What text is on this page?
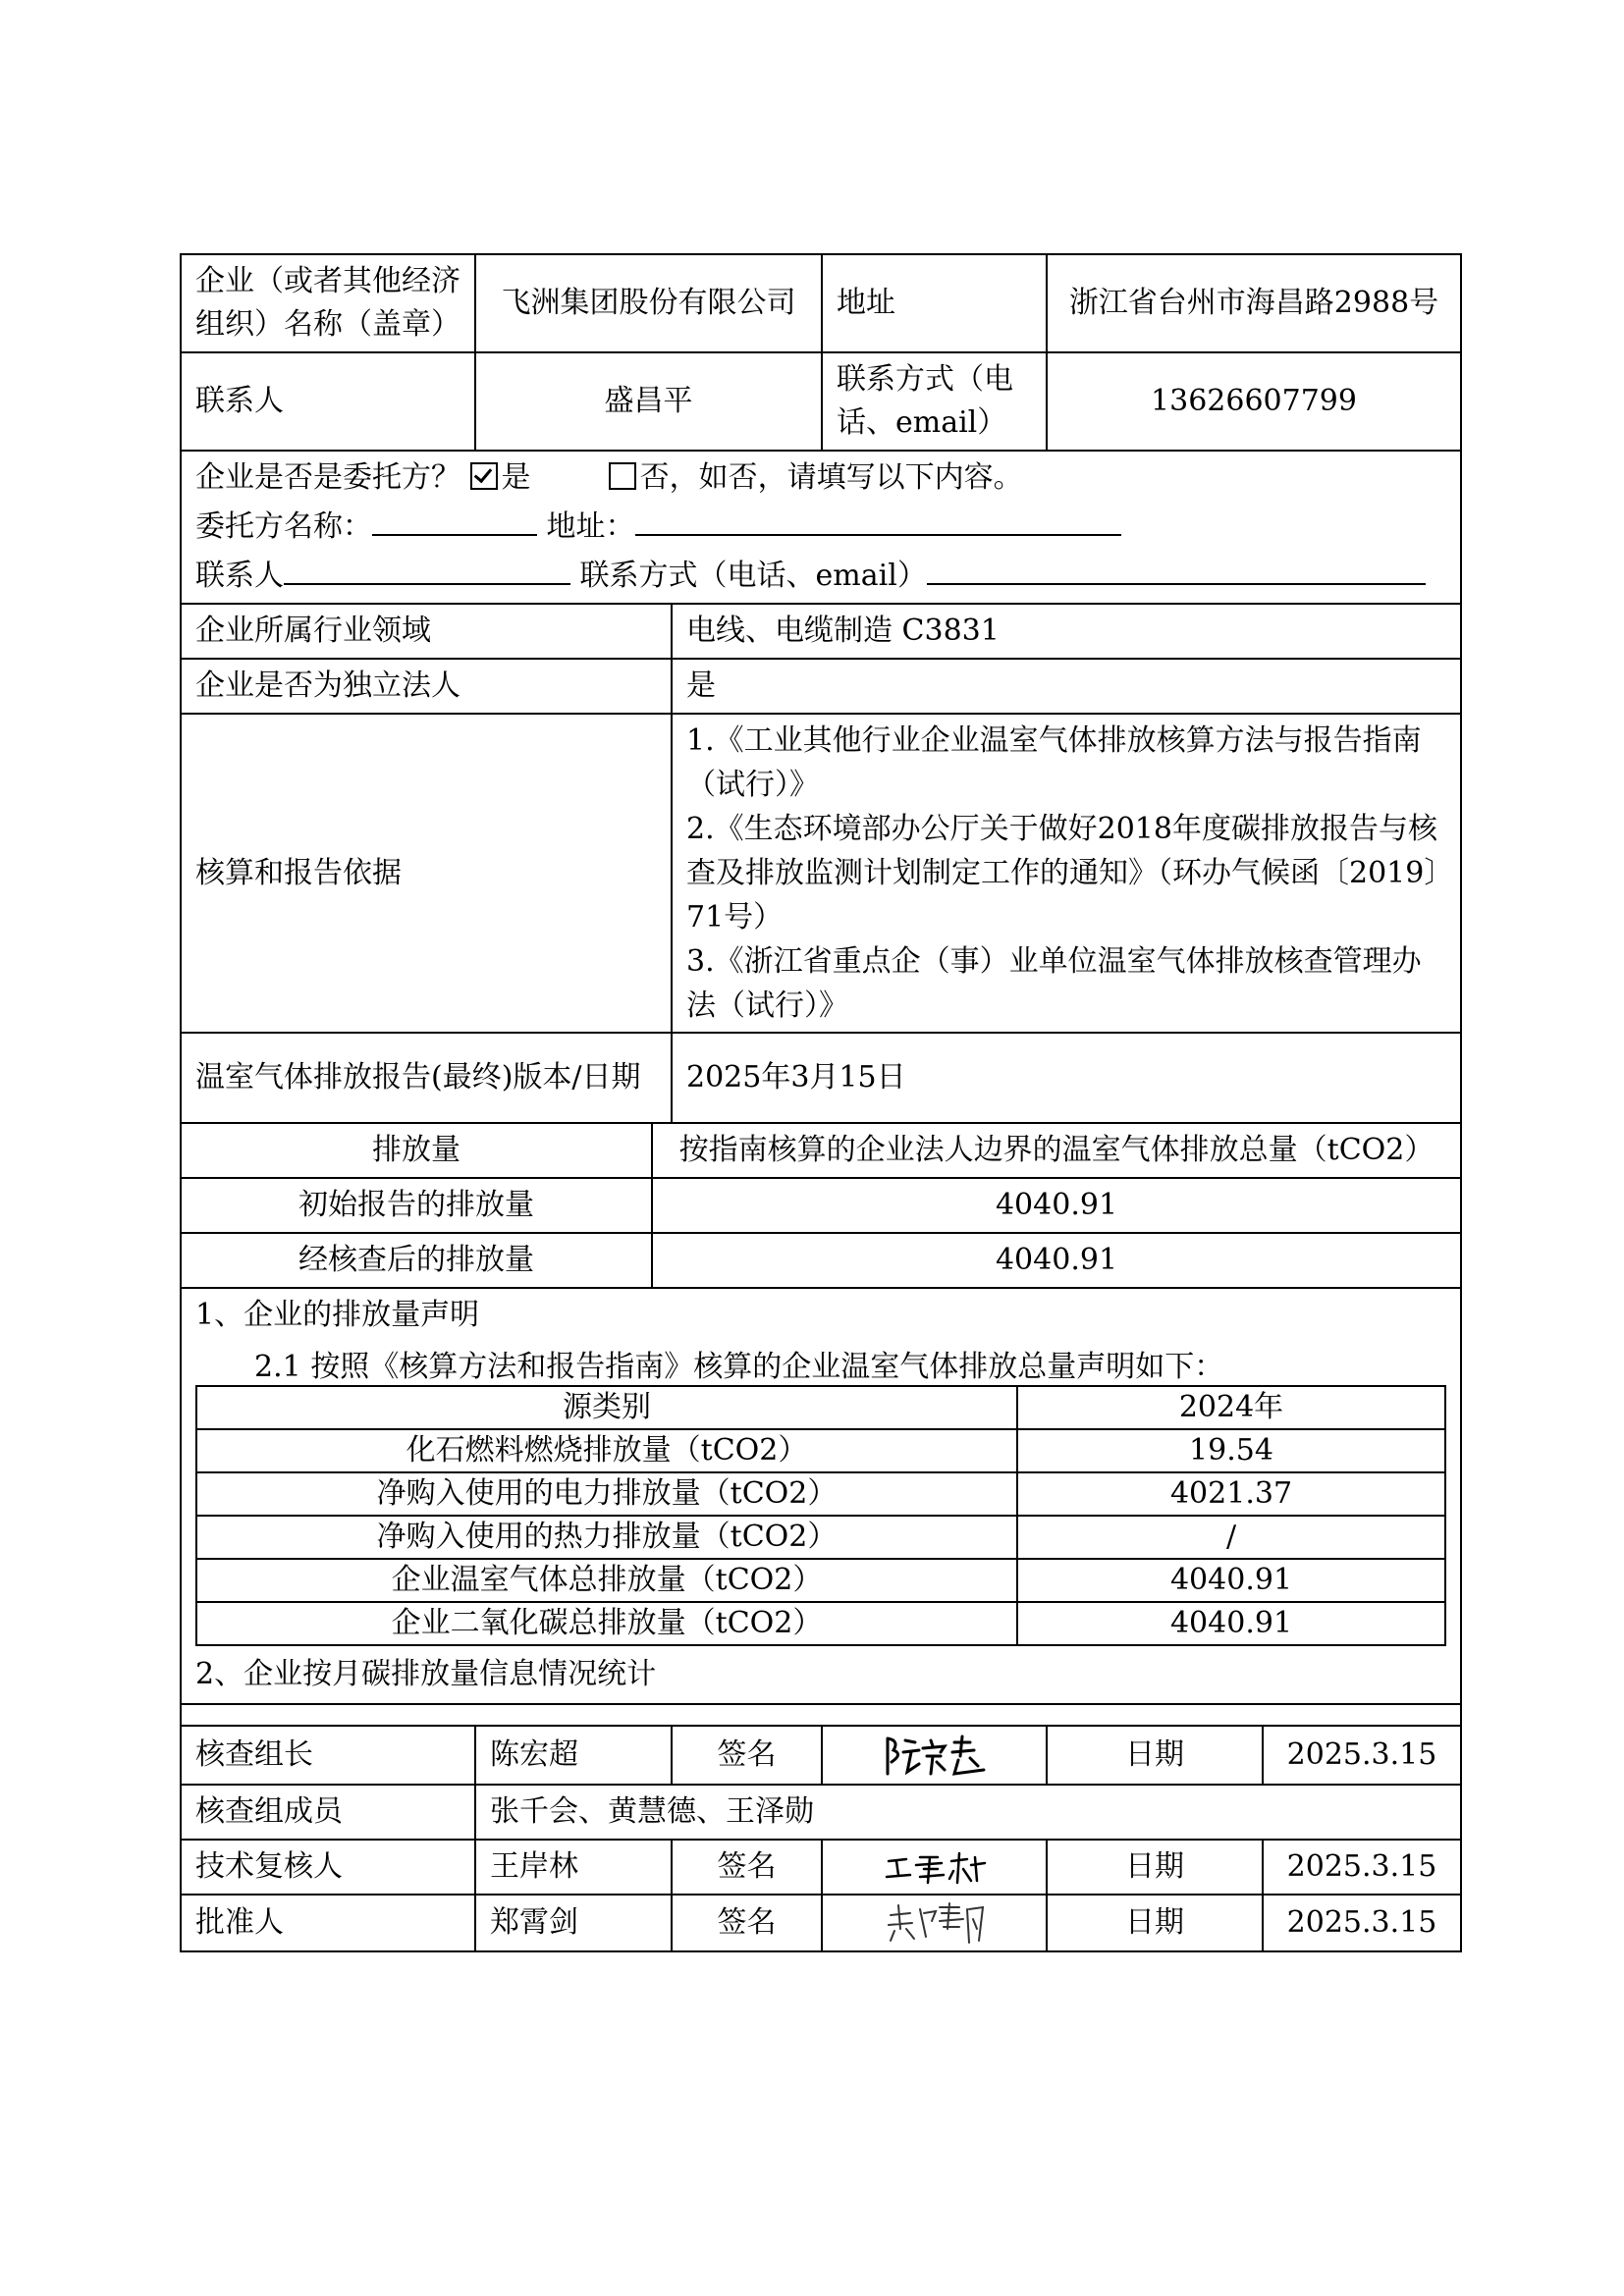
企业（或者其他经济组织）名称（盖章）	飞洲集团股份有限公司	地址	浙江省台州市海昌路2988号
联系人	盛昌平	联系方式（电话、email）	13626607799

企业是否是委托方？ 是	否，如否，请填写以下内容。
委托方名称：	地址：
联系人	联系方式（电话、email）

企业所属行业领域	电线、电缆制造 C3831
企业是否为独立法人	是
核算和报告依据	
1.《工业其他行业企业温室气体排放核算方法与报告指南（试行）》
2.《生态环境部办公厅关于做好2018年度碳排放报告与核查及排放监测计划制定工作的通知》（环办气候函〔2019〕71号）
3.《浙江省重点企（事）业单位温室气体排放核查管理办法（试行）》

温室气体排放报告(最终)版本/日期	2025年3月15日
排放量	按指南核算的企业法人边界的温室气体排放总量（tCO2）
初始报告的排放量	4040.91
经核查后的排放量	4040.91

1、企业的排放量声明
2.1 按照《核算方法和报告指南》核算的企业温室气体排放总量声明如下：
源类别	2024年
化石燃料燃烧排放量（tCO2）	19.54
净购入使用的电力排放量（tCO2）	4021.37
净购入使用的热力排放量（tCO2）	/
企业温室气体总排放量（tCO2）	4040.91
企业二氧化碳总排放量（tCO2）	4040.91
2、企业按月碳排放量信息情况统计

核查组长	陈宏超	签名		日期	2025.3.15
核查组成员	张千会、黄慧德、王泽勋
技术复核人	王岸林	签名		日期	2025.3.15
批准人	郑霄剑	签名		日期	2025.3.15
